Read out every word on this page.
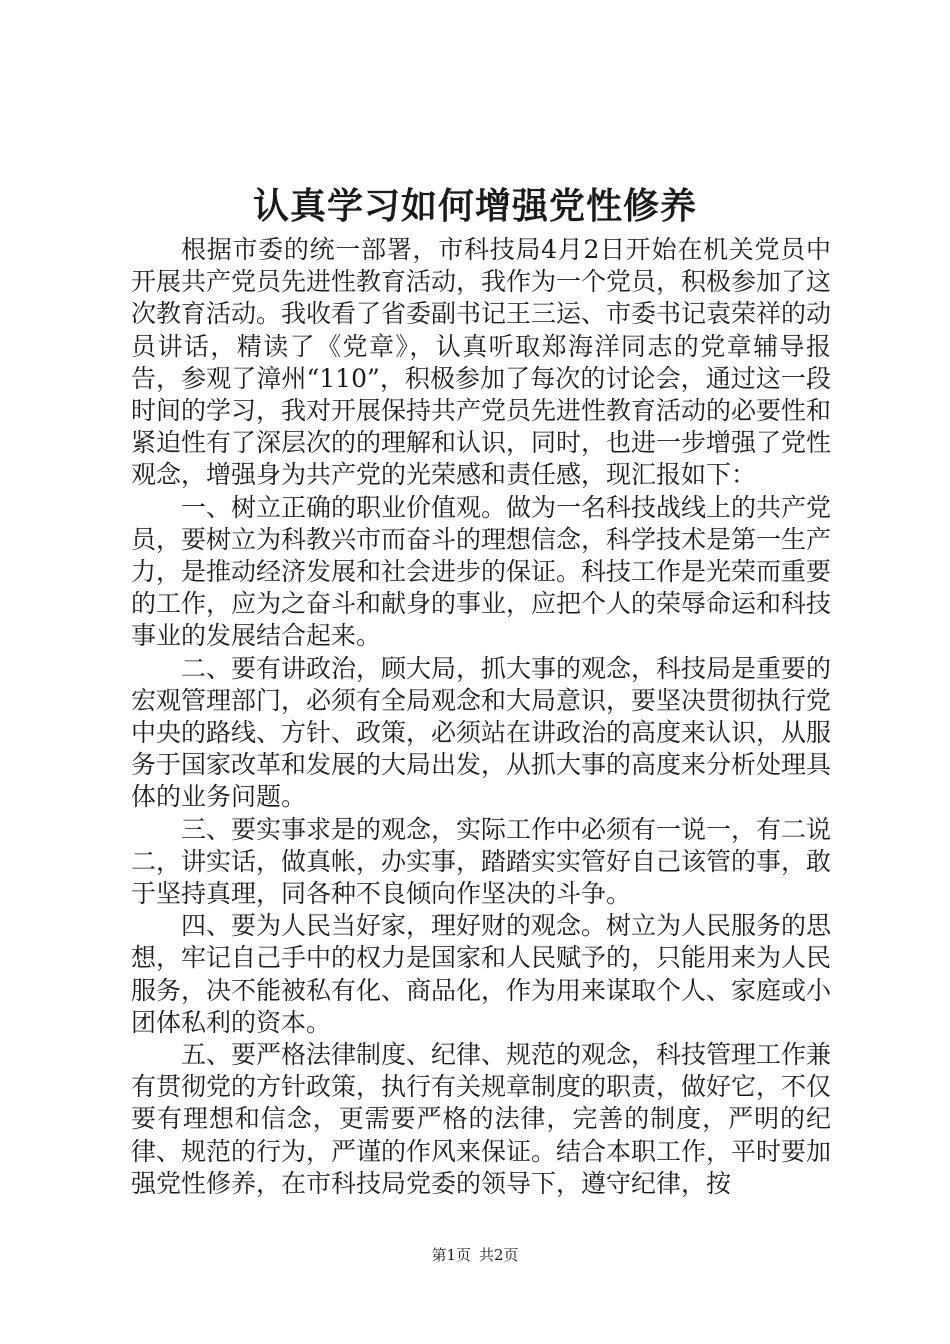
认真学习如何增强党性修养

根据市委的统一部署，市科技局4月2日开始在机关党员中开展共产党员先进性教育活动，我作为一个党员，积极参加了这次教育活动。我收看了省委副书记王三运、市委书记袁荣祥的动员讲话，精读了《党章》，认真听取郑海洋同志的党章辅导报告，参观了漳州“110”，积极参加了每次的讨论会，通过这一段时间的学习，我对开展保持共产党员先进性教育活动的必要性和紧迫性有了深层次的的理解和认识，同时，也进一步增强了党性观念，增强身为共产党的光荣感和责任感，现汇报如下：

一、树立正确的职业价值观。做为一名科技战线上的共产党员，要树立为科教兴市而奋斗的理想信念，科学技术是第一生产力，是推动经济发展和社会进步的保证。科技工作是光荣而重要的工作，应为之奋斗和献身的事业，应把个人的荣辱命运和科技事业的发展结合起来。

二、要有讲政治，顾大局，抓大事的观念，科技局是重要的宏观管理部门，必须有全局观念和大局意识，要坚决贯彻执行党中央的路线、方针、政策，必须站在讲政治的高度来认识，从服务于国家改革和发展的大局出发，从抓大事的高度来分析处理具体的业务问题。

三、要实事求是的观念，实际工作中必须有一说一，有二说二，讲实话，做真帐，办实事，踏踏实实管好自己该管的事，敢于坚持真理，同各种不良倾向作坚决的斗争。

四、要为人民当好家，理好财的观念。树立为人民服务的思想，牢记自己手中的权力是国家和人民赋予的，只能用来为人民服务，决不能被私有化、商品化，作为用来谋取个人、家庭或小团体私利的资本。

五、要严格法律制度、纪律、规范的观念，科技管理工作兼有贯彻党的方针政策，执行有关规章制度的职责，做好它，不仅要有理想和信念，更需要严格的法律，完善的制度，严明的纪律、规范的行为，严谨的作风来保证。结合本职工作，平时要加强党性修养，在市科技局党委的领导下，遵守纪律，按

第1页 共2页
